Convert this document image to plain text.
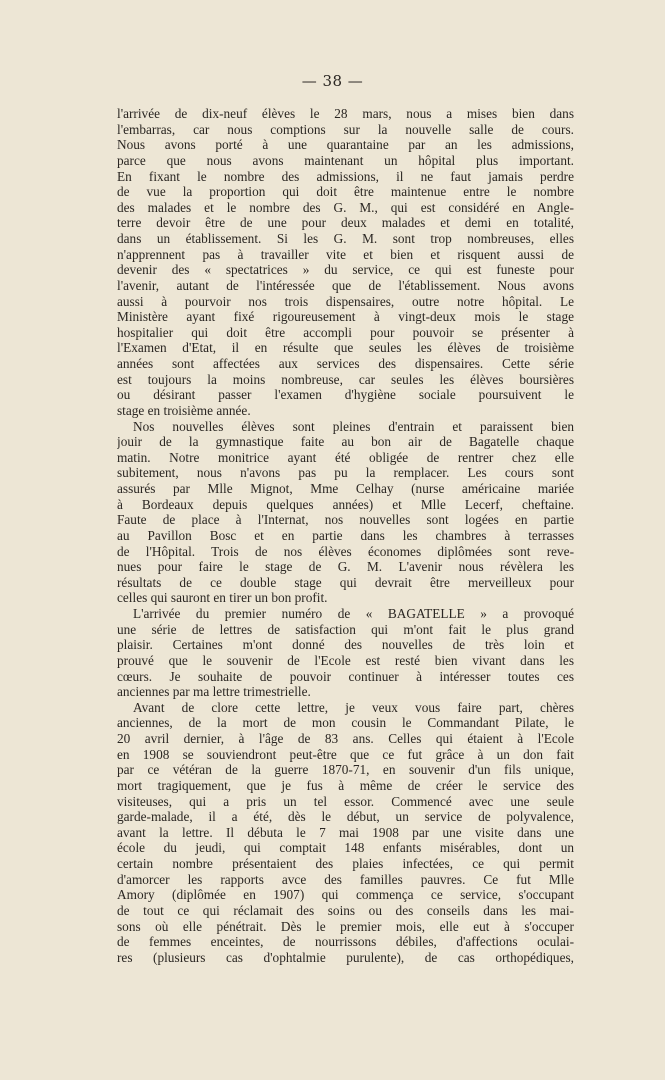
— 38 —
l'arrivée de dix-neuf élèves le 28 mars, nous a mises bien dans
l'embarras, car nous comptions sur la nouvelle salle de cours.
Nous avons porté à une quarantaine par an les admissions,
parce que nous avons maintenant un hôpital plus important.
En fixant le nombre des admissions, il ne faut jamais perdre
de vue la proportion qui doit être maintenue entre le nombre
des malades et le nombre des G. M., qui est considéré en Angle-
terre devoir être de une pour deux malades et demi en totalité,
dans un établissement. Si les G. M. sont trop nombreuses, elles
n'apprennent pas à travailler vite et bien et risquent aussi de
devenir des « spectatrices » du service, ce qui est funeste pour
l'avenir, autant de l'intéressée que de l'établissement. Nous avons
aussi à pourvoir nos trois dispensaires, outre notre hôpital. Le
Ministère ayant fixé rigoureusement à vingt-deux mois le stage
hospitalier qui doit être accompli pour pouvoir se présenter à
l'Examen d'Etat, il en résulte que seules les élèves de troisième
années sont affectées aux services des dispensaires. Cette série
est toujours la moins nombreuse, car seules les élèves boursières
ou désirant passer l'examen d'hygiène sociale poursuivent le
stage en troisième année.
Nos nouvelles élèves sont pleines d'entrain et paraissent bien
jouir de la gymnastique faite au bon air de Bagatelle chaque
matin. Notre monitrice ayant été obligée de rentrer chez elle
subitement, nous n'avons pas pu la remplacer. Les cours sont
assurés par Mlle Mignot, Mme Celhay (nurse américaine mariée
à Bordeaux depuis quelques années) et Mlle Lecerf, cheftaine.
Faute de place à l'Internat, nos nouvelles sont logées en partie
au Pavillon Bosc et en partie dans les chambres à terrasses
de l'Hôpital. Trois de nos élèves économes diplômées sont reve-
nues pour faire le stage de G. M. L'avenir nous révèlera les
résultats de ce double stage qui devrait être merveilleux pour
celles qui sauront en tirer un bon profit.
L'arrivée du premier numéro de « BAGATELLE » a provoqué
une série de lettres de satisfaction qui m'ont fait le plus grand
plaisir. Certaines m'ont donné des nouvelles de très loin et
prouvé que le souvenir de l'Ecole est resté bien vivant dans les
cœurs. Je souhaite de pouvoir continuer à intéresser toutes ces
anciennes par ma lettre trimestrielle.
Avant de clore cette lettre, je veux vous faire part, chères
anciennes, de la mort de mon cousin le Commandant Pilate, le
20 avril dernier, à l'âge de 83 ans. Celles qui étaient à l'Ecole
en 1908 se souviendront peut-être que ce fut grâce à un don fait
par ce vétéran de la guerre 1870-71, en souvenir d'un fils unique,
mort tragiquement, que je fus à même de créer le service des
visiteuses, qui a pris un tel essor. Commencé avec une seule
garde-malade, il a été, dès le début, un service de polyvalence,
avant la lettre. Il débuta le 7 mai 1908 par une visite dans une
école du jeudi, qui comptait 148 enfants misérables, dont un
certain nombre présentaient des plaies infectées, ce qui permit
d'amorcer les rapports avce des familles pauvres. Ce fut Mlle
Amory (diplômée en 1907) qui commença ce service, s'occupant
de tout ce qui réclamait des soins ou des conseils dans les mai-
sons où elle pénétrait. Dès le premier mois, elle eut à s'occuper
de femmes enceintes, de nourrissons débiles, d'affections oculai-
res (plusieurs cas d'ophtalmie purulente), de cas orthopédiques,
